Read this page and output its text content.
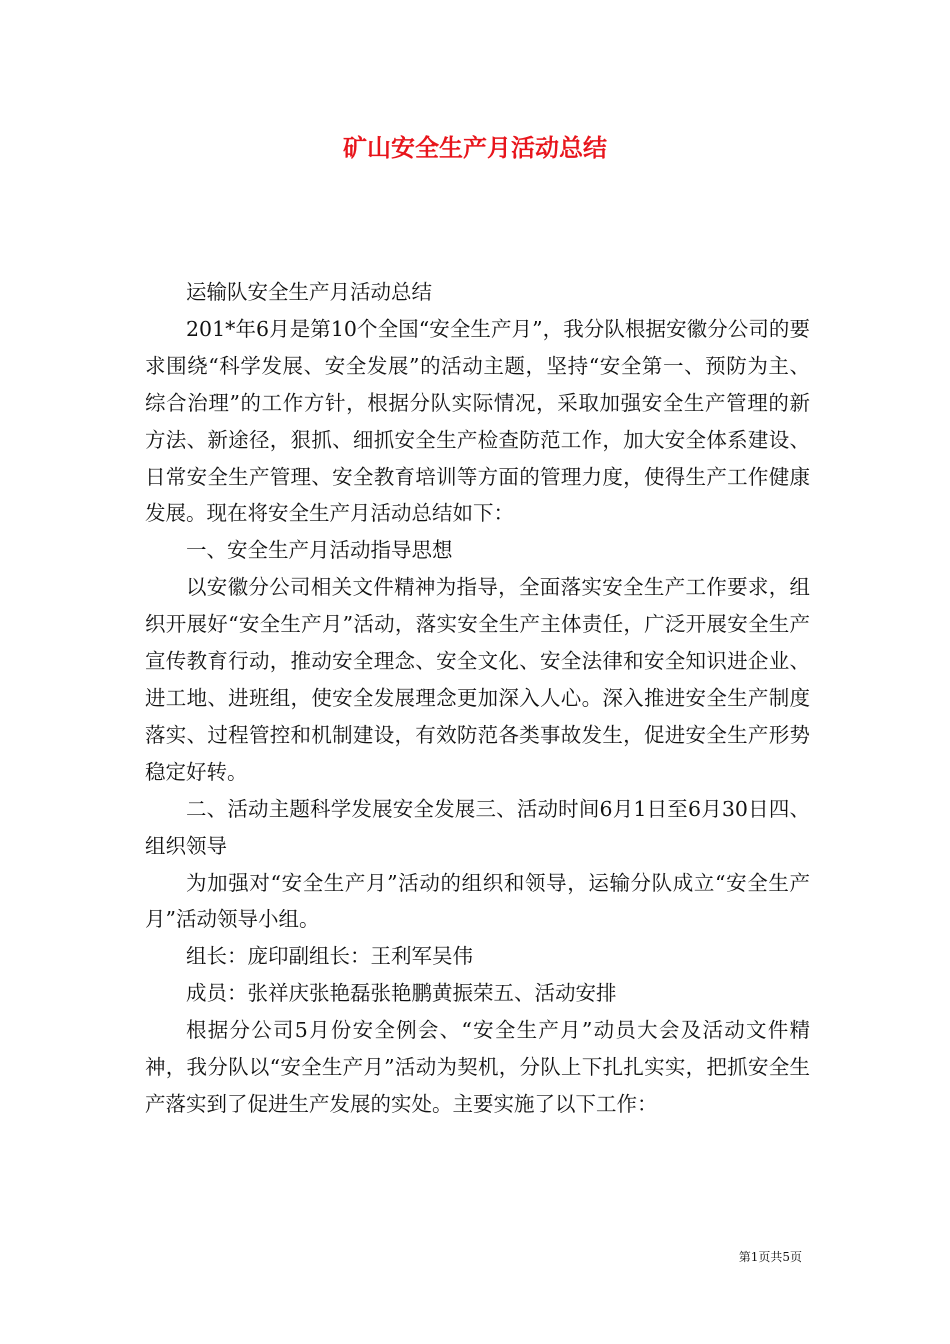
矿山安全生产月活动总结

运输队安全生产月活动总结

201*年6月是第10个全国“安全生产月”，我分队根据安徽分公司的要求围绕“科学发展、安全发展”的活动主题，坚持“安全第一、预防为主、综合治理”的工作方针，根据分队实际情况，采取加强安全生产管理的新方法、新途径，狠抓、细抓安全生产检查防范工作，加大安全体系建设、日常安全生产管理、安全教育培训等方面的管理力度，使得生产工作健康发展。现在将安全生产月活动总结如下：

一、安全生产月活动指导思想

以安徽分公司相关文件精神为指导，全面落实安全生产工作要求，组织开展好“安全生产月”活动，落实安全生产主体责任，广泛开展安全生产宣传教育行动，推动安全理念、安全文化、安全法律和安全知识进企业、进工地、进班组，使安全发展理念更加深入人心。深入推进安全生产制度落实、过程管控和机制建设，有效防范各类事故发生，促进安全生产形势稳定好转。

二、活动主题科学发展安全发展三、活动时间6月1日至6月30日四、组织领导

为加强对“安全生产月”活动的组织和领导，运输分队成立“安全生产月”活动领导小组。

组长：庞印副组长：王利军吴伟

成员：张祥庆张艳磊张艳鹏黄振荣五、活动安排

根据分公司5月份安全例会、“安全生产月”动员大会及活动文件精神，我分队以“安全生产月”活动为契机，分队上下扎扎实实，把抓安全生产落实到了促进生产发展的实处。主要实施了以下工作：

第1页共5页
